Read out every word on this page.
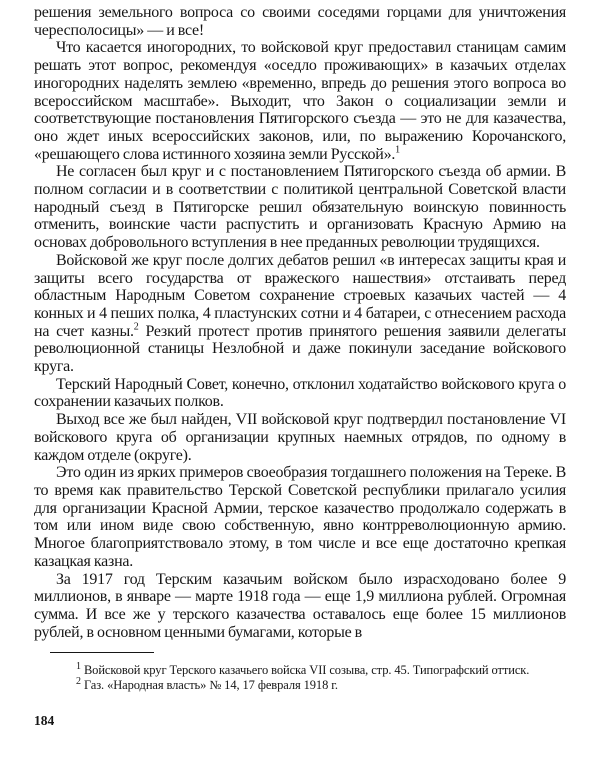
решения земельного вопроса со своими соседями горцами для уничтожения чересполосицы» — и все!

Что касается иногородних, то войсковой круг предоставил станицам самим решать этот вопрос, рекомендуя «оседло проживающих» в казачьих отделах иногородних наделять землею «временно, впредь до решения этого вопроса во всероссийском масштабе». Выходит, что Закон о социализации земли и соответствующие постановления Пятигорского съезда — это не для казачества, оно ждет иных всероссийских законов, или, по выражению Корочанского, «решающего слова истинного хозяина земли Русской».$^1$

Не согласен был круг и с постановлением Пятигорского съезда об армии. В полном согласии и в соответствии с политикой центральной Советской власти народный съезд в Пятигорске решил обязательную воинскую повинность отменить, воинские части распустить и организовать Красную Армию на основах добровольного вступления в нее преданных революции трудящихся.

Войсковой же круг после долгих дебатов решил «в интересах защиты края и защиты всего государства от вражеского нашествия» отстаивать перед областным Народным Советом сохранение строевых казачьих частей — 4 конных и 4 пеших полка, 4 пластунских сотни и 4 батареи, с отнесением расхода на счет казны.$^2$ Резкий протест против принятого решения заявили делегаты революционной станицы Незлобной и даже покинули заседание войскового круга.

Терский Народный Совет, конечно, отклонил ходатайство войскового круга о сохранении казачьих полков.

Выход все же был найден, VII войсковой круг подтвердил постановление VI войскового круга об организации крупных наемных отрядов, по одному в каждом отделе (округе).

Это один из ярких примеров своеобразия тогдашнего положения на Тереке. В то время как правительство Терской Советской республики прилагало усилия для организации Красной Армии, терское казачество продолжало содержать в том или ином виде свою собственную, явно контрреволюционную армию. Многое благоприятствовало этому, в том числе и все еще достаточно крепкая казацкая казна.

За 1917 год Терским казачьим войском было израсходовано более 9 миллионов, в январе — марте 1918 года — еще 1,9 миллиона рублей. Огромная сумма. И все же у терского казачества оставалось еще более 15 миллионов рублей, в основном ценными бумагами, которые в

$^1$ Войсковой круг Терского казачьего войска VII созыва, стр. 45. Типографский оттиск.

$^2$ Газ. «Народная власть» № 14, 17 февраля 1918 г.

184
